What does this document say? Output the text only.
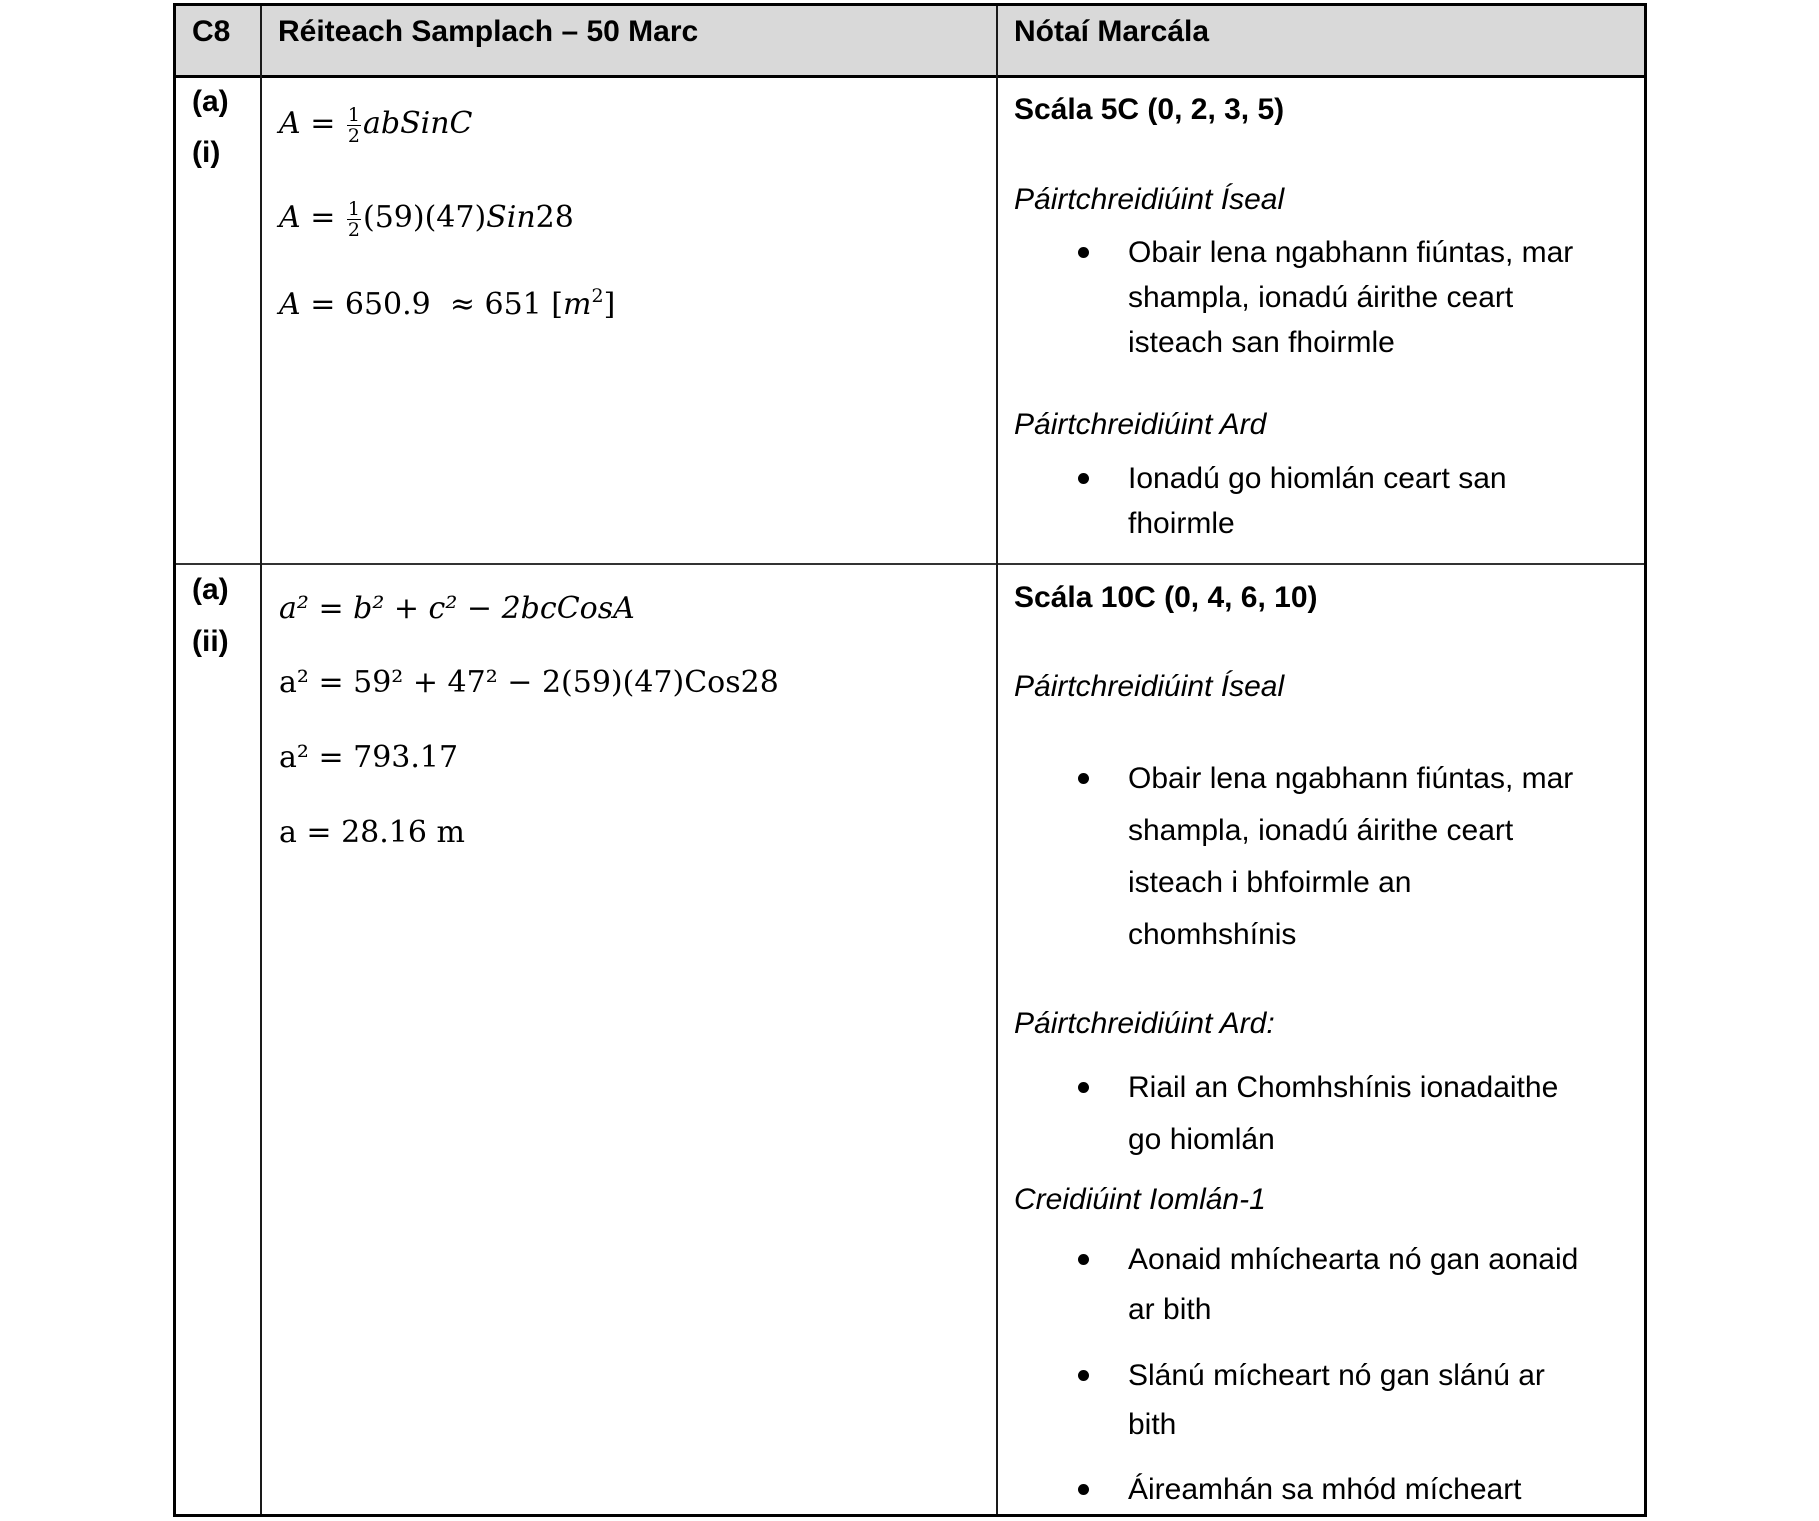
C8 Réiteach Samplach – 50 Marc	Nótaí Marcála
(a)
(i)
$A = \frac{1}{2}$ abSinC
$A = \frac{1}{2} (59)(47)Sin28$
A = 650.9  ≈ 651 $[m^2]$
Scála 5C (0, 2, 3, 5)
Páirtchreidiúint Íseal
Obair lena ngabhann fiúntas, mar
shampla, ionadú áirithe ceart
isteach san fhoirmle
Páirtchreidiúint Ard
Ionadú go hiomlán ceart san
fhoirmle
(a)
(ii)
a² = b² + c² − 2bcCosA
a² = 59² + 47² − 2(59)(47)Cos28
a² = 793.17
a = 28.16 m
Scála 10C (0, 4, 6, 10)
Páirtchreidiúint Íseal
Obair lena ngabhann fiúntas, mar
shampla, ionadú áirithe ceart
isteach i bhfoirmle an
chomhshínis
Páirtchreidiúint Ard:
Riail an Chomhshínis ionadaithe
go hiomlán
Creidiúint Iomlán-1
Aonaid mhíchearta nó gan aonaid
ar bith
Slánú mícheart nó gan slánú ar
bith
Áireamhán sa mhód mícheart
